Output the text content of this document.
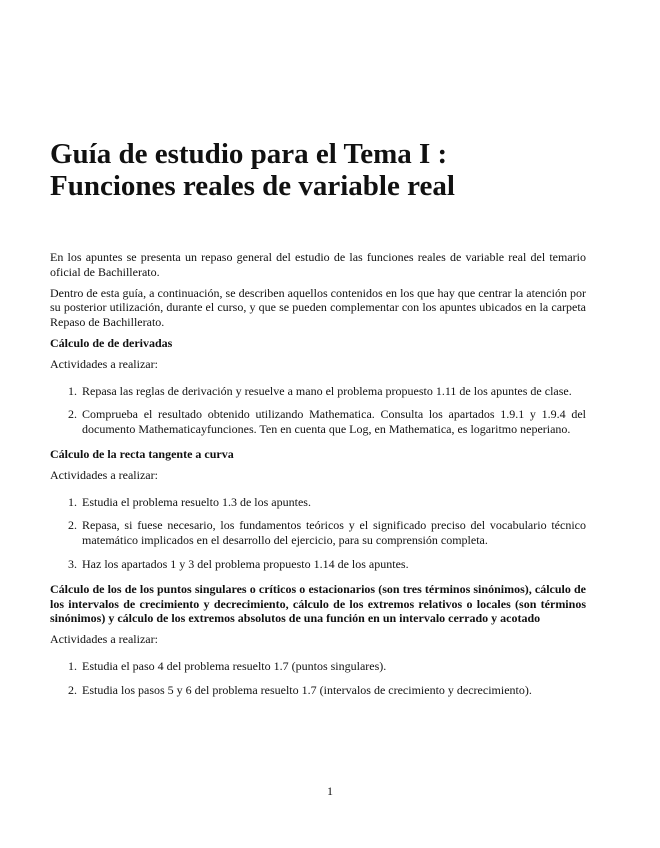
Guía de estudio para el Tema I :
Funciones reales de variable real

En los apuntes se presenta un repaso general del estudio de las funciones reales de variable real del temario oficial de Bachillerato.

Dentro de esta guía, a continuación, se describen aquellos contenidos en los que hay que centrar la atención por su posterior utilización, durante el curso, y que se pueden complementar con los apuntes ubicados en la carpeta Repaso de Bachillerato.

Cálculo de de derivadas

Actividades a realizar:

1. Repasa las reglas de derivación y resuelve a mano el problema propuesto 1.11 de los apuntes de clase.
2. Comprueba el resultado obtenido utilizando Mathematica. Consulta los apartados 1.9.1 y 1.9.4 del documento Mathematicayfunciones. Ten en cuenta que Log, en Mathematica, es logaritmo neperiano.
Cálculo de la recta tangente a curva

Actividades a realizar:

1. Estudia el problema resuelto 1.3 de los apuntes.
2. Repasa, si fuese necesario, los fundamentos teóricos y el significado preciso del vocabulario técnico matemático implicados en el desarrollo del ejercicio, para su comprensión completa.
3. Haz los apartados 1 y 3 del problema propuesto 1.14 de los apuntes.
Cálculo de los de los puntos singulares o críticos o estacionarios (son tres términos sinónimos), cálculo de los intervalos de crecimiento y decrecimiento, cálculo de los extremos relativos o locales (son términos sinónimos) y cálculo de los extremos absolutos de una función en un intervalo cerrado y acotado

Actividades a realizar:

1. Estudia el paso 4 del problema resuelto 1.7 (puntos singulares).
2. Estudia los pasos 5 y 6 del problema resuelto 1.7 (intervalos de crecimiento y decrecimiento).
1
